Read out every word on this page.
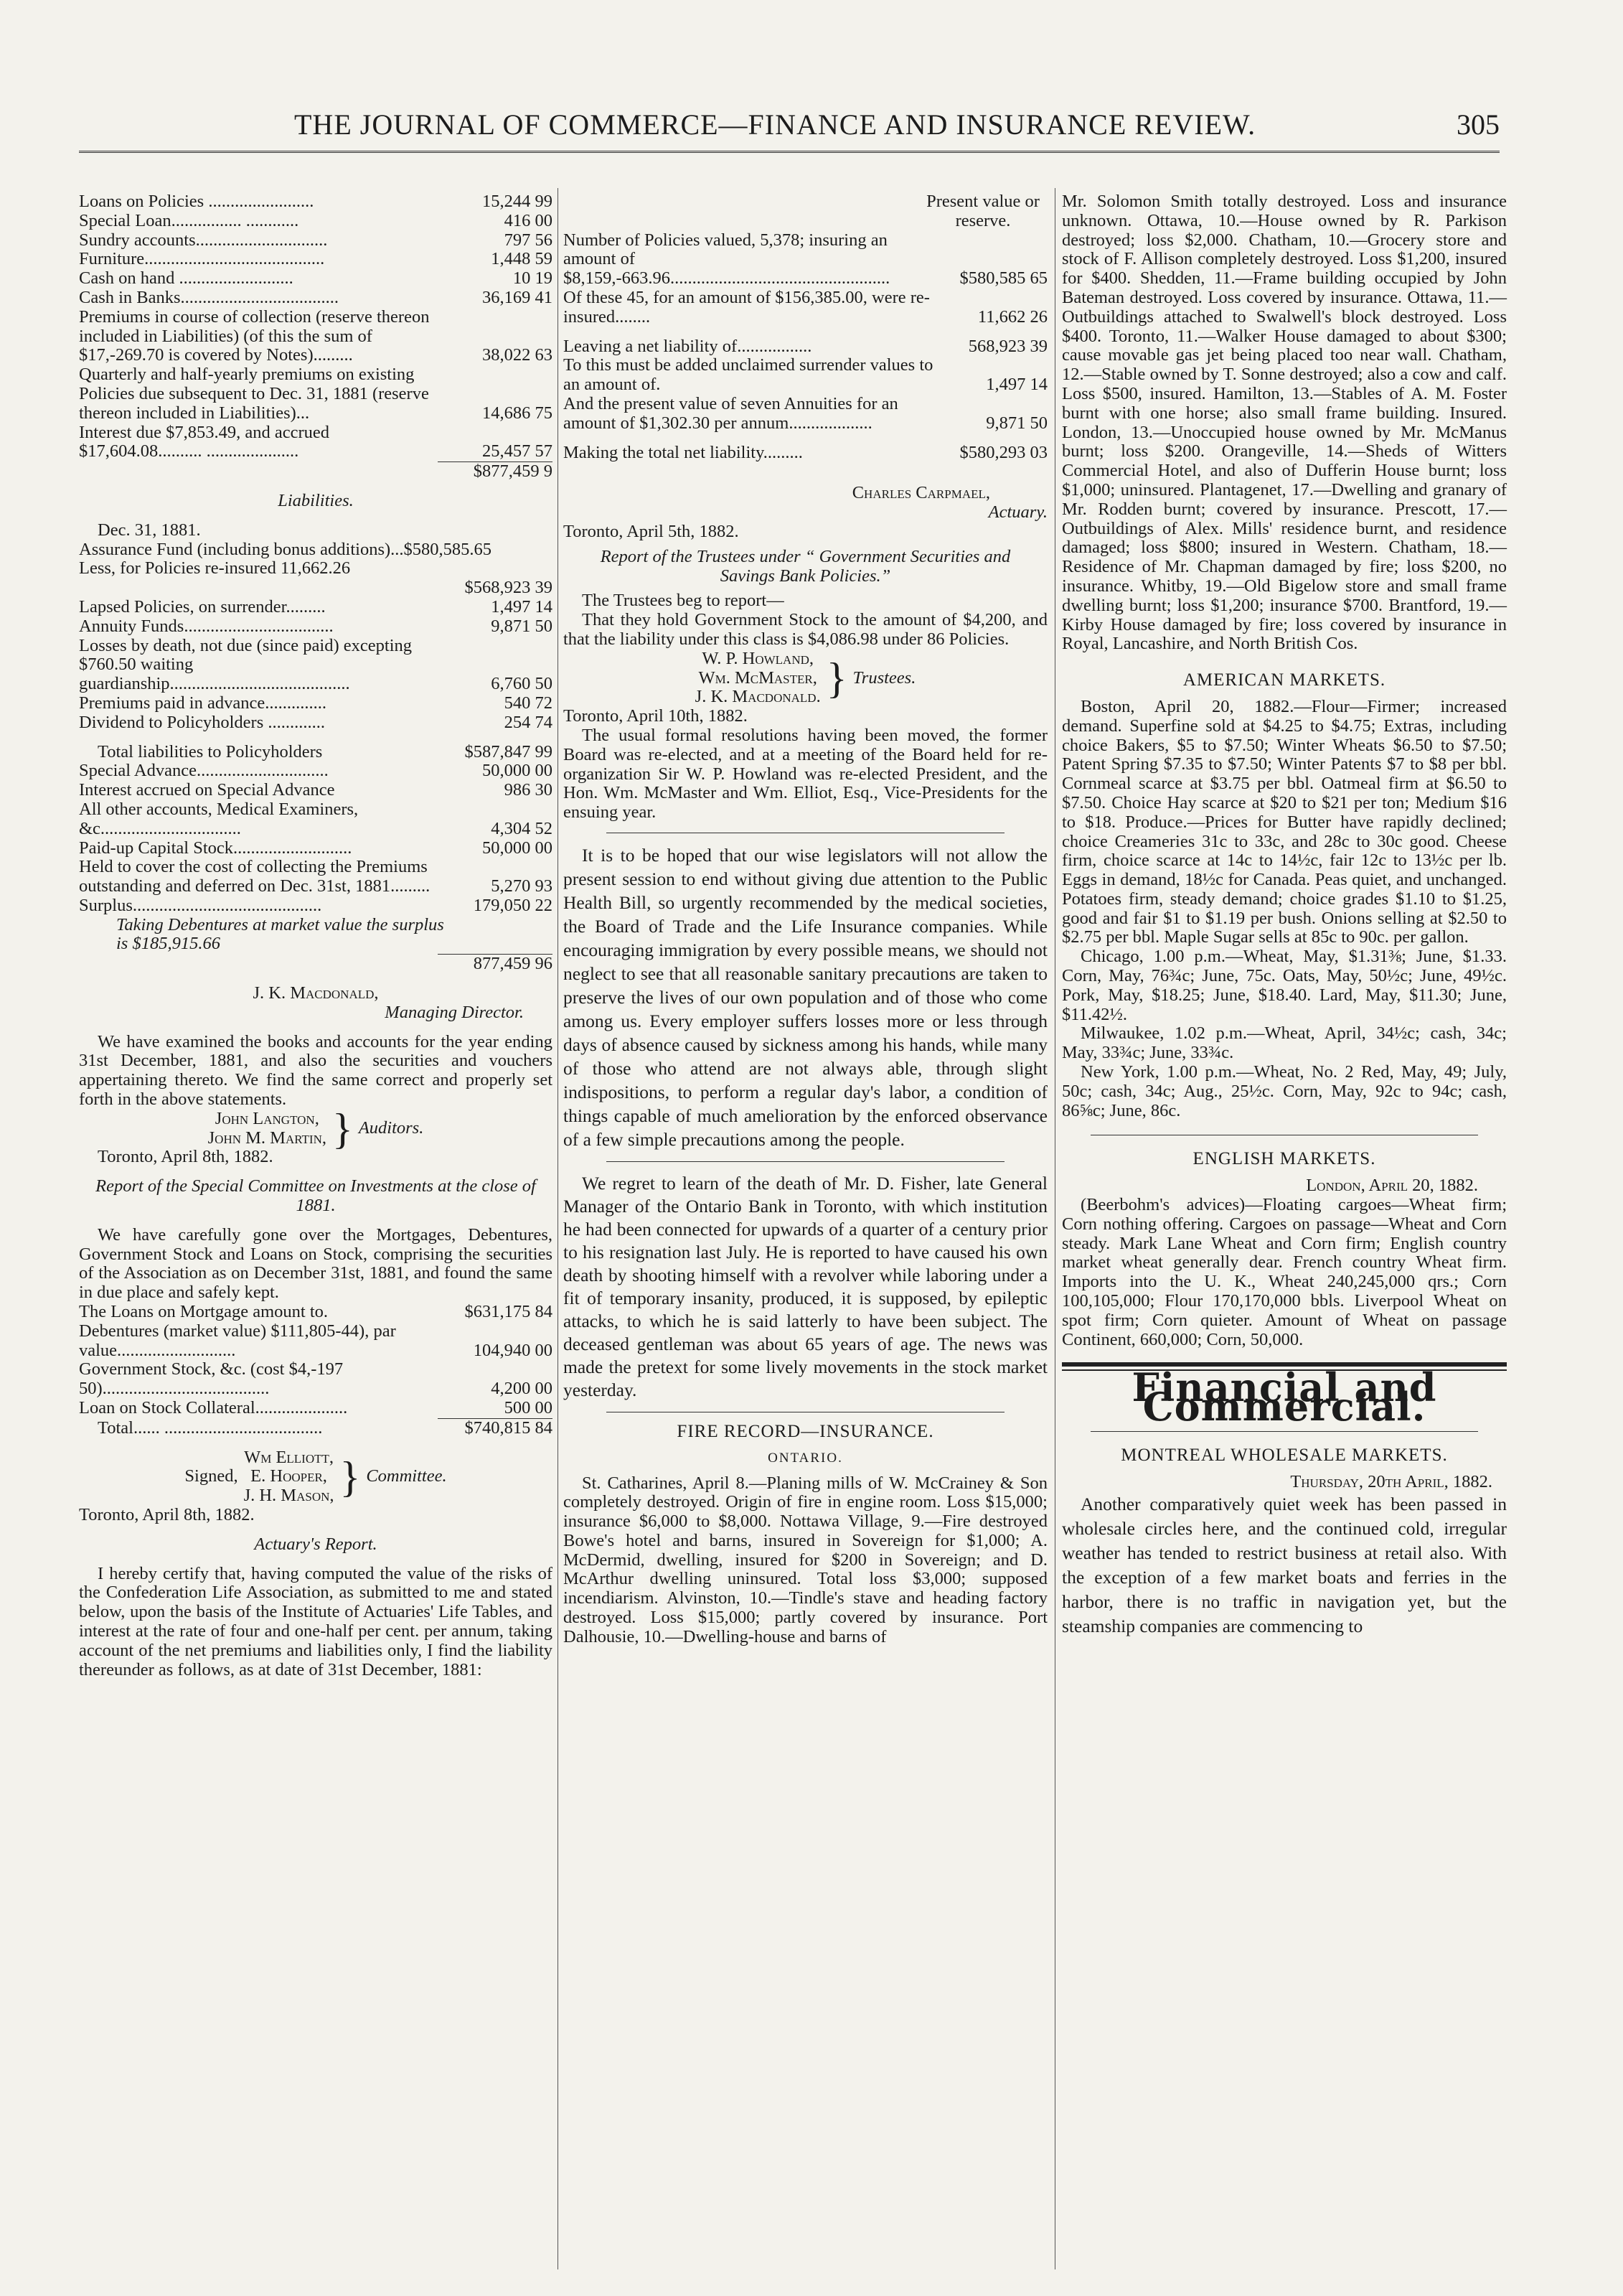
THE JOURNAL OF COMMERCE—FINANCE AND INSURANCE REVIEW.	305
Loans on Policies ........................	15,244 99
Special Loan................ ............	416 00
Sundry accounts..............................	797 56
Furniture.........................................	1,448 59
Cash on hand ..........................	10 19
Cash in Banks....................................	36,169 41
Premiums in course of collection (reserve thereon included in Liabilities) (of this the sum of $17,-269.70 is covered by Notes).........	38,022 63
Quarterly and half-yearly premiums on existing Policies due subsequent to Dec. 31, 1881 (reserve thereon included in Liabilities)...	14,686 75
Interest due $7,853.49, and accrued $17,604.08.......... .....................	25,457 57
$877,459 9
Liabilities.
Dec. 31, 1881.
Assurance Fund (including bonus additions)...$580,585.65
Less, for Policies re-insured 11,662.26
$568,923 39
Lapsed Policies, on surrender.........	1,497 14
Annuity Funds..................................	9,871 50
Losses by death, not due (since paid) excepting $760.50 waiting guardianship.........................................	6,760 50
Premiums paid in advance..............	540 72
Dividend to Policyholders .............	254 74
Total liabilities to Policyholders	$587,847 99
Special Advance..............................	50,000 00
Interest accrued on Special Advance	986 30
All other accounts, Medical Examiners, &c................................	4,304 52
Paid-up Capital Stock...........................	50,000 00
Held to cover the cost of collecting the Premiums outstanding and deferred on Dec. 31st, 1881.........	5,270 93
Surplus...........................................	179,050 22
Taking Debentures at market value the surplus is $185,915.66
877,459 96
J. K. Macdonald,
Managing Director.

We have examined the books and accounts for the year ending 31st December, 1881, and also the securities and vouchers appertaining thereto. We find the same correct and properly set forth in the above statements.

John Langton,
John M. Martin, } Auditors.
Toronto, April 8th, 1882.
Report of the Special Committee on Investments at the close of 1881.

We have carefully gone over the Mortgages, Debentures, Government Stock and Loans on Stock, comprising the securities of the Association as on December 31st, 1881, and found the same in due place and safely kept.

The Loans on Mortgage amount to.	$631,175 84
Debentures (market value) $111,805-44), par value...........................	104,940 00
Government Stock, &c. (cost $4,-197 50)......................................	4,200 00
Loan on Stock Collateral.....................	500 00
Total...... ....................................	$740,815 84
Signed,
Wm Elliott,
E. Hooper,
J. H. Mason, } Committee.
Toronto, April 8th, 1882.
Actuary's Report.

I hereby certify that, having computed the value of the risks of the Confederation Life Association, as submitted to me and stated below, upon the basis of the Institute of Actuaries' Life Tables, and interest at the rate of four and one-half per cent. per annum, taking account of the net premiums and liabilities only, I find the liability thereunder as follows, as at date of 31st December, 1881:

Present value or reserve.
Number of Policies valued, 5,378; insuring an amount of $8,159,-663.96..................................................	$580,585 65
Of these 45, for an amount of $156,385.00, were re-insured........	11,662 26
Leaving a net liability of.................	568,923 39
To this must be added unclaimed surrender values to an amount of.	1,497 14
And the present value of seven Annuities for an amount of $1,302.30 per annum...................	9,871 50
Making the total net liability.........	$580,293 03
Charles Carpmael,
Actuary.
Toronto, April 5th, 1882.
Report of the Trustees under “ Government Securities and Savings Bank Policies.”
The Trustees beg to report—

That they hold Government Stock to the amount of $4,200, and that the liability under this class is $4,086.98 under 86 Policies.

W. P. Howland,
Wm. McMaster,
J. K. Macdonald. } Trustees.
Toronto, April 10th, 1882.

The usual formal resolutions having been moved, the former Board was re-elected, and at a meeting of the Board held for re-organization Sir W. P. Howland was re-elected President, and the Hon. Wm. McMaster and Wm. Elliot, Esq., Vice-Presidents for the ensuing year.

It is to be hoped that our wise legislators will not allow the present session to end without giving due attention to the Public Health Bill, so urgently recommended by the medical societies, the Board of Trade and the Life Insurance companies. While encouraging immigration by every possible means, we should not neglect to see that all reasonable sanitary precautions are taken to preserve the lives of our own population and of those who come among us. Every employer suffers losses more or less through days of absence caused by sickness among his hands, while many of those who attend are not always able, through slight indispositions, to perform a regular day's labor, a condition of things capable of much amelioration by the enforced observance of a few simple precautions among the people.

We regret to learn of the death of Mr. D. Fisher, late General Manager of the Ontario Bank in Toronto, with which institution he had been connected for upwards of a quarter of a century prior to his resignation last July. He is reported to have caused his own death by shooting himself with a revolver while laboring under a fit of temporary insanity, produced, it is supposed, by epileptic attacks, to which he is said latterly to have been subject. The deceased gentleman was about 65 years of age. The news was made the pretext for some lively movements in the stock market yesterday.

FIRE RECORD—INSURANCE.
ONTARIO.

St. Catharines, April 8.—Planing mills of W. McCrainey & Son completely destroyed. Origin of fire in engine room. Loss $15,000; insurance $6,000 to $8,000. Nottawa Village, 9.—Fire destroyed Bowe's hotel and barns, insured in Sovereign for $1,000; A. McDermid, dwelling, insured for $200 in Sovereign; and D. McArthur dwelling uninsured. Total loss $3,000; supposed incendiarism. Alvinston, 10.—Tindle's stave and heading factory destroyed. Loss $15,000; partly covered by insurance. Port Dalhousie, 10.—Dwelling-house and barns of

Mr. Solomon Smith totally destroyed. Loss and insurance unknown. Ottawa, 10.—House owned by R. Parkison destroyed; loss $2,000. Chatham, 10.—Grocery store and stock of F. Allison completely destroyed. Loss $1,200, insured for $400. Shedden, 11.—Frame building occupied by John Bateman destroyed. Loss covered by insurance. Ottawa, 11.—Outbuildings attached to Swalwell's block destroyed. Loss $400. Toronto, 11.—Walker House damaged to about $300; cause movable gas jet being placed too near wall. Chatham, 12.—Stable owned by T. Sonne destroyed; also a cow and calf. Loss $500, insured. Hamilton, 13.—Stables of A. M. Foster burnt with one horse; also small frame building. Insured. London, 13.—Unoccupied house owned by Mr. McManus burnt; loss $200. Orangeville, 14.—Sheds of Witters Commercial Hotel, and also of Dufferin House burnt; loss $1,000; uninsured. Plantagenet, 17.—Dwelling and granary of Mr. Rodden burnt; covered by insurance. Prescott, 17.—Outbuildings of Alex. Mills' residence burnt, and residence damaged; loss $800; insured in Western. Chatham, 18.—Residence of Mr. Chapman damaged by fire; loss $200, no insurance. Whitby, 19.—Old Bigelow store and small frame dwelling burnt; loss $1,200; insurance $700. Brantford, 19.—Kirby House damaged by fire; loss covered by insurance in Royal, Lancashire, and North British Cos.

AMERICAN MARKETS.

Boston, April 20, 1882.—Flour—Firmer; increased demand. Superfine sold at $4.25 to $4.75; Extras, including choice Bakers, $5 to $7.50; Winter Wheats $6.50 to $7.50; Patent Spring $7.35 to $7.50; Winter Patents $7 to $8 per bbl. Cornmeal scarce at $3.75 per bbl. Oatmeal firm at $6.50 to $7.50. Choice Hay scarce at $20 to $21 per ton; Medium $16 to $18. Produce.—Prices for Butter have rapidly declined; choice Creameries 31c to 33c, and 28c to 30c good. Cheese firm, choice scarce at 14c to 14½c, fair 12c to 13½c per lb. Eggs in demand, 18½c for Canada. Peas quiet, and unchanged. Potatoes firm, steady demand; choice grades $1.10 to $1.25, good and fair $1 to $1.19 per bush. Onions selling at $2.50 to $2.75 per bbl. Maple Sugar sells at 85c to 90c. per gallon.

Chicago, 1.00 p.m.—Wheat, May, $1.31⅜; June, $1.33. Corn, May, 76¾c; June, 75c. Oats, May, 50½c; June, 49½c. Pork, May, $18.25; June, $18.40. Lard, May, $11.30; June, $11.42½.

Milwaukee, 1.02 p.m.—Wheat, April, 34½c; cash, 34c; May, 33¾c; June, 33¾c.

New York, 1.00 p.m.—Wheat, No. 2 Red, May, 49; July, 50c; cash, 34c; Aug., 25½c. Corn, May, 92c to 94c; cash, 86⅝c; June, 86c.

ENGLISH MARKETS.
London, April 20, 1882.

(Beerbohm's advices)—Floating cargoes—Wheat firm; Corn nothing offering. Cargoes on passage—Wheat and Corn steady. Mark Lane Wheat and Corn firm; English country market wheat generally dear. French country Wheat firm. Imports into the U. K., Wheat 240,245,000 qrs.; Corn 100,105,000; Flour 170,170,000 bbls. Liverpool Wheat on spot firm; Corn quieter. Amount of Wheat on passage Continent, 660,000; Corn, 50,000.

Financial and Commercial.
MONTREAL WHOLESALE MARKETS.
Thursday, 20th April, 1882.

Another comparatively quiet week has been passed in wholesale circles here, and the continued cold, irregular weather has tended to restrict business at retail also. With the exception of a few market boats and ferries in the harbor, there is no traffic in navigation yet, but the steamship companies are commencing to
